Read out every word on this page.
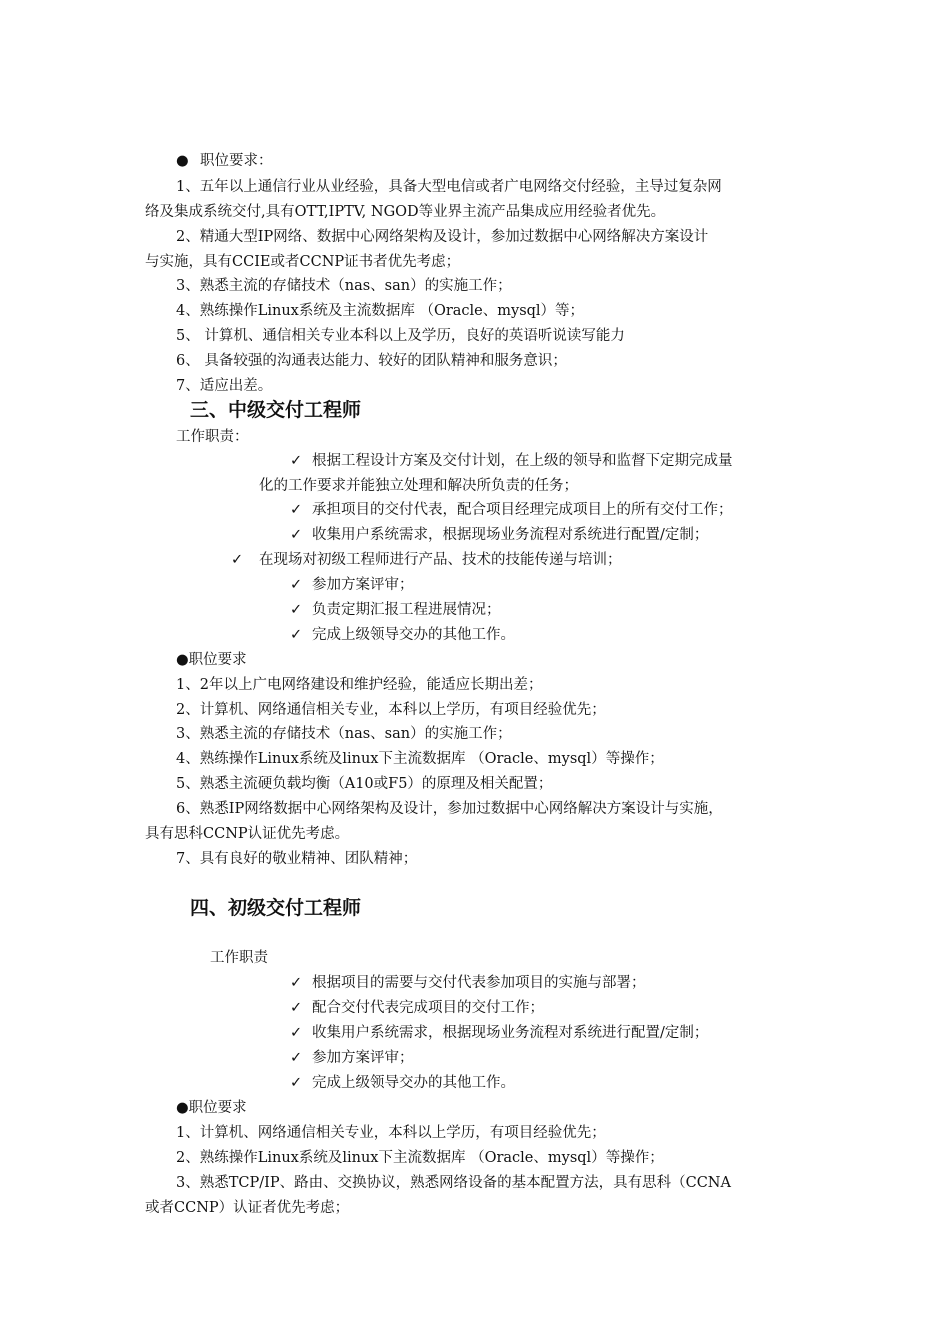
● 职位要求：
1、五年以上通信行业从业经验，具备大型电信或者广电网络交付经验，主导过复杂网
络及集成系统交付,具有OTT,IPTV, NGOD等业界主流产品集成应用经验者优先。
2、精通大型IP网络、数据中心网络架构及设计，参加过数据中心网络解决方案设计
与实施，具有CCIE或者CCNP证书者优先考虑；
3、熟悉主流的存储技术（nas、san）的实施工作；
4、熟练操作Linux系统及主流数据库 （Oracle、mysql）等；
5、 计算机、通信相关专业本科以上及学历，良好的英语听说读写能力
6、 具备较强的沟通表达能力、较好的团队精神和服务意识；
7、适应出差。
三、中级交付工程师
工作职责：
✓ 根据工程设计方案及交付计划，在上级的领导和监督下定期完成量
化的工作要求并能独立处理和解决所负责的任务；
✓ 承担项目的交付代表，配合项目经理完成项目上的所有交付工作；
✓ 收集用户系统需求，根据现场业务流程对系统进行配置/定制；
✓ 在现场对初级工程师进行产品、技术的技能传递与培训；
✓ 参加方案评审；
✓ 负责定期汇报工程进展情况；
✓ 完成上级领导交办的其他工作。
●职位要求
1、2年以上广电网络建设和维护经验，能适应长期出差；
2、计算机、网络通信相关专业，本科以上学历，有项目经验优先；
3、熟悉主流的存储技术（nas、san）的实施工作；
4、熟练操作Linux系统及linux下主流数据库 （Oracle、mysql）等操作；
5、熟悉主流硬负载均衡（A10或F5）的原理及相关配置；
6、熟悉IP网络数据中心网络架构及设计，参加过数据中心网络解决方案设计与实施，
具有思科CCNP认证优先考虑。
7、具有良好的敬业精神、团队精神；
四、初级交付工程师
工作职责
✓ 根据项目的需要与交付代表参加项目的实施与部署；
✓ 配合交付代表完成项目的交付工作；
✓ 收集用户系统需求，根据现场业务流程对系统进行配置/定制；
✓ 参加方案评审；
✓ 完成上级领导交办的其他工作。
●职位要求
1、计算机、网络通信相关专业，本科以上学历，有项目经验优先；
2、熟练操作Linux系统及linux下主流数据库 （Oracle、mysql）等操作；
3、熟悉TCP/IP、路由、交换协议，熟悉网络设备的基本配置方法，具有思科（CCNA
或者CCNP）认证者优先考虑；
